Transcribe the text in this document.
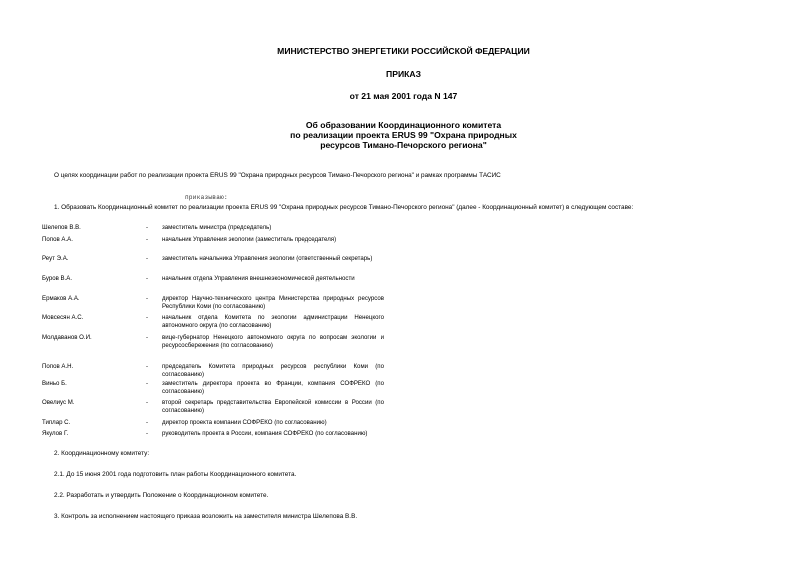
МИНИСТЕРСТВО ЭНЕРГЕТИКИ РОССИЙСКОЙ ФЕДЕРАЦИИ
ПРИКАЗ
от 21 мая 2001 года N 147
Об образовании Координационного комитета
по реализации проекта ERUS 99 "Охрана природных
ресурсов Тимано-Печорского региона"
О целях координации работ по реализации проекта ERUS 99 "Охрана природных ресурсов Тимано-Печорского региона" и рамках программы ТАСИС
приказываю:
1. Образовать Координационный комитет по реализации проекта ERUS 99 "Охрана природных ресурсов Тимано-Печорского региона" (далее - Координационный комитет) в следующем составе:
Шелепов В.В.	- заместитель министра (председатель)
Попов А.А.	- начальник Управления экологии (заместитель председателя)
Реут Э.А.	- заместитель начальника Управления экологии (ответственный секретарь)
Буров В.А.	- начальник отдела Управления внешнеэкономической деятельности
Ермаков А.А.	- директор Научно-технического центра Министерства природных ресурсов Республики Коми (по согласованию)
Мовсесян А.С.	- начальник отдела Комитета по экологии администрации Ненецкого автономного округа (по согласованию)
Молдаванов О.И.	- вице-губернатор Ненецкого автономного округа по вопросам экологии и ресурсосбережения (по согласованию)
Попов А.Н.	- председатель Комитета природных ресурсов республики Коми (по согласованию)
Виньо Б.	- заместитель директора проекта во Франции, компания СОФРЕКО (по согласованию)
Овелиус М.	- второй секретарь представительства Европейской комиссии в России (по согласованию)
Типлар С.	- директор проекта компании СОФРЕКО (по согласованию)
Якулов Г.	- руководитель проекта в России, компания СОФРЕКО (по согласованию)
2. Координационному комитету:
2.1. До 15 июня 2001 года подготовить план работы Координационного комитета.
2.2. Разработать и утвердить Положение о Координационном комитете.
3. Контроль за исполнением настоящего приказа возложить на заместителя министра Шелепова В.В.
